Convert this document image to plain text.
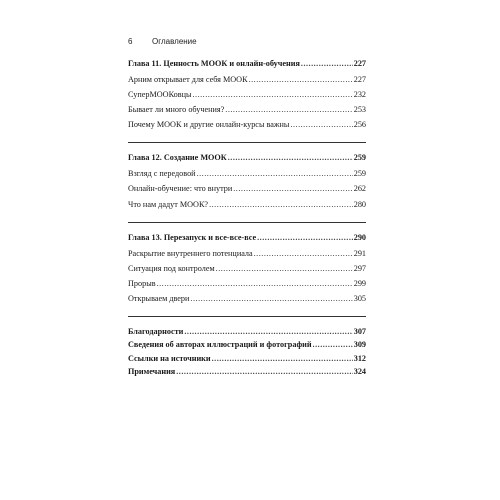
6 Оглавление
Глава 11. Ценность МООК и онлайн-обучения .....	227
Арним открывает для себя МООК .....	227
СуперМООКовцы .....	232
Бывает ли много обучения? .....	253
Почему МООК и другие онлайн-курсы важны .....	256
Глава 12. Создание МООК .....	259
Взгляд с передовой .....	259
Онлайн-обучение: что внутри .....	262
Что нам дадут МООК? .....	280
Глава 13. Перезапуск и все-все-все .....	290
Раскрытие внутреннего потенциала .....	291
Ситуация под контролем .....	297
Прорыв .....	299
Открываем двери .....	305
Благодарности .....	307
Сведения об авторах иллюстраций и фотографий .....	309
Ссылки на источники .....	312
Примечания .....	324
